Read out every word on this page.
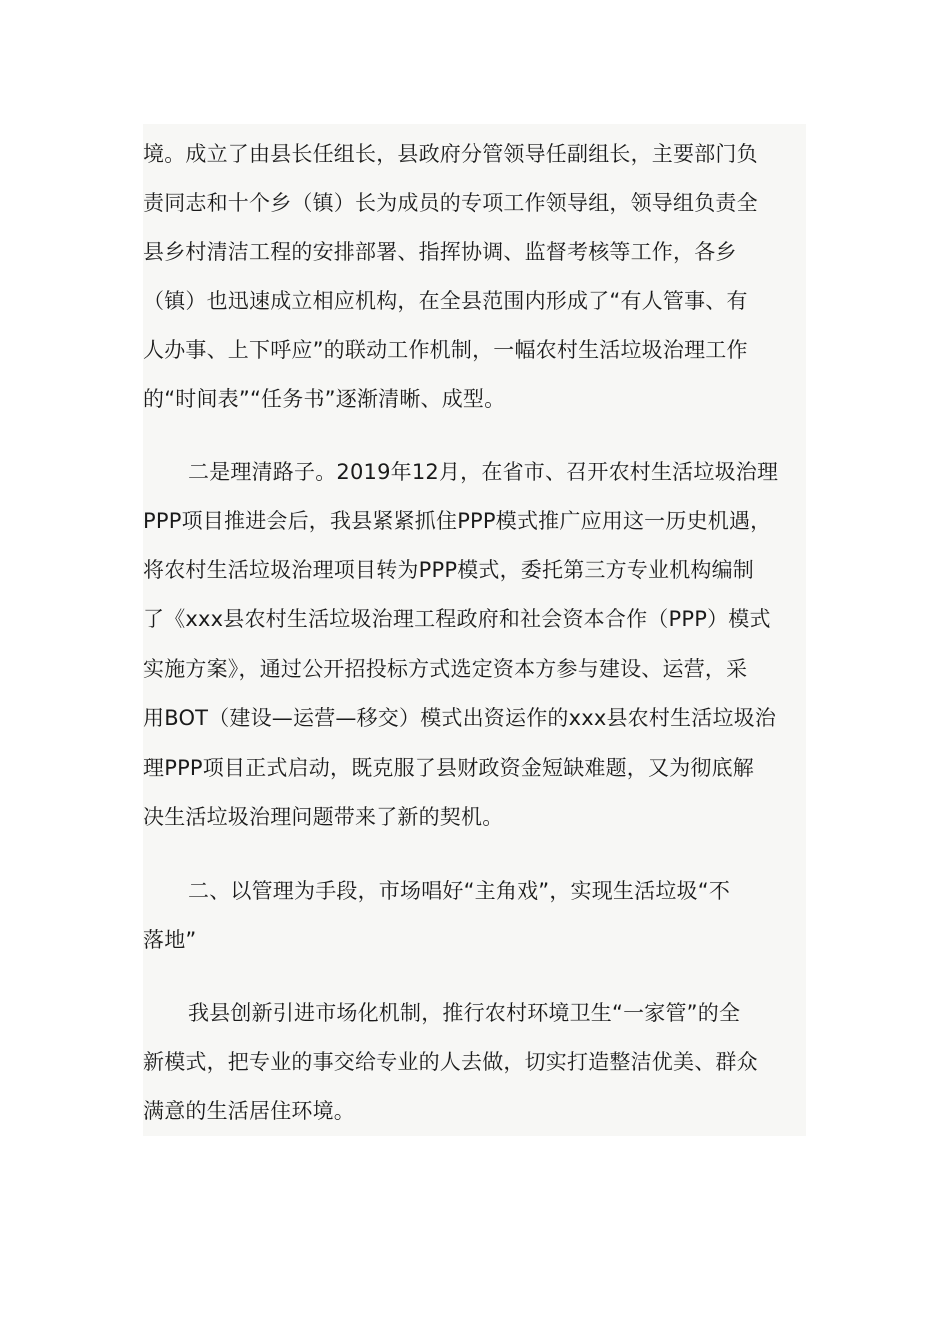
境。成立了由县长任组长，县政府分管领导任副组长，主要部门负
责同志和十个乡（镇）长为成员的专项工作领导组，领导组负责全
县乡村清洁工程的安排部署、指挥协调、监督考核等工作，各乡
（镇）也迅速成立相应机构，在全县范围内形成了“有人管事、有
人办事、上下呼应”的联动工作机制，一幅农村生活垃圾治理工作
的“时间表”“任务书”逐渐清晰、成型。
二是理清路子。2019年12月，在省市、召开农村生活垃圾治理
PPP项目推进会后，我县紧紧抓住PPP模式推广应用这一历史机遇，
将农村生活垃圾治理项目转为PPP模式，委托第三方专业机构编制
了《xxx县农村生活垃圾治理工程政府和社会资本合作（PPP）模式
实施方案》，通过公开招投标方式选定资本方参与建设、运营，采
用BOT（建设—运营—移交）模式出资运作的xxx县农村生活垃圾治
理PPP项目正式启动，既克服了县财政资金短缺难题，又为彻底解
决生活垃圾治理问题带来了新的契机。
二、以管理为手段，市场唱好“主角戏”，实现生活垃圾“不
落地”
我县创新引进市场化机制，推行农村环境卫生“一家管”的全
新模式，把专业的事交给专业的人去做，切实打造整洁优美、群众
满意的生活居住环境。
